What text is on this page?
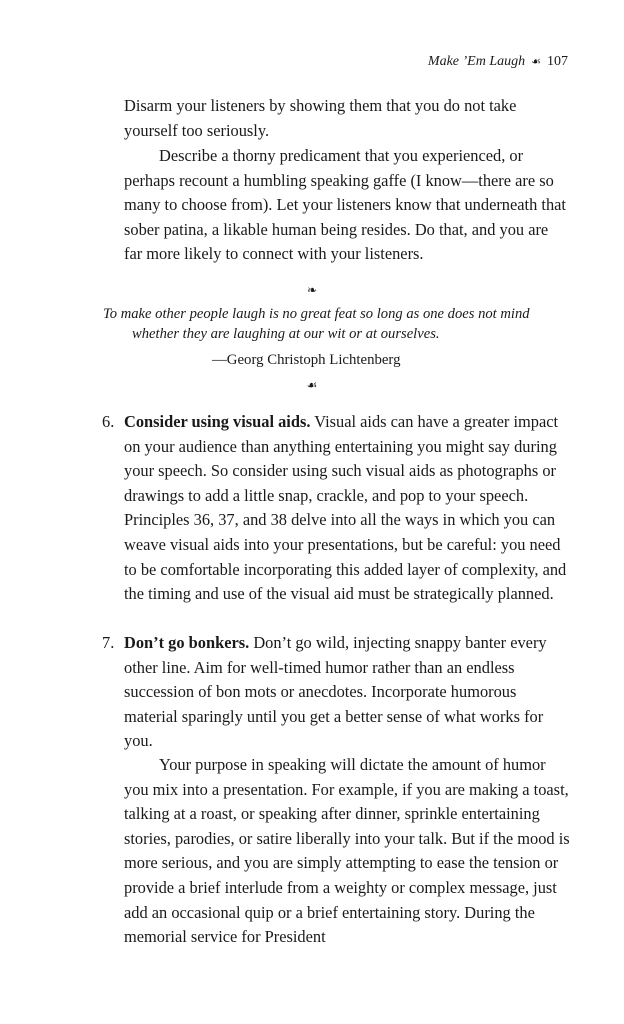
Make ’Em Laugh ☙ 107

Disarm your listeners by showing them that you do not take yourself too seriously.

Describe a thorny predicament that you experienced, or perhaps recount a humbling speaking gaffe (I know—there are so many to choose from). Let your listeners know that underneath that sober patina, a likable human being resides. Do that, and you are far more likely to connect with your listeners.

❧

To make other people laugh is no great feat so long as one does not mind whether they are laughing at our wit or at ourselves.

—Georg Christoph Lichtenberg

☙

6. Consider using visual aids. Visual aids can have a greater impact on your audience than anything entertaining you might say during your speech. So consider using such visual aids as photographs or drawings to add a little snap, crackle, and pop to your speech. Principles 36, 37, and 38 delve into all the ways in which you can weave visual aids into your presentations, but be careful: you need to be comfortable incorporating this added layer of complexity, and the timing and use of the visual aid must be strategically planned.

7. Don’t go bonkers. Don’t go wild, injecting snappy banter every other line. Aim for well-timed humor rather than an endless succession of bon mots or anecdotes. Incorporate humorous material sparingly until you get a better sense of what works for you.

Your purpose in speaking will dictate the amount of humor you mix into a presentation. For example, if you are making a toast, talking at a roast, or speaking after dinner, sprinkle entertaining stories, parodies, or satire liberally into your talk. But if the mood is more serious, and you are simply attempting to ease the tension or provide a brief interlude from a weighty or complex message, just add an occasional quip or a brief entertaining story. During the memorial service for President
